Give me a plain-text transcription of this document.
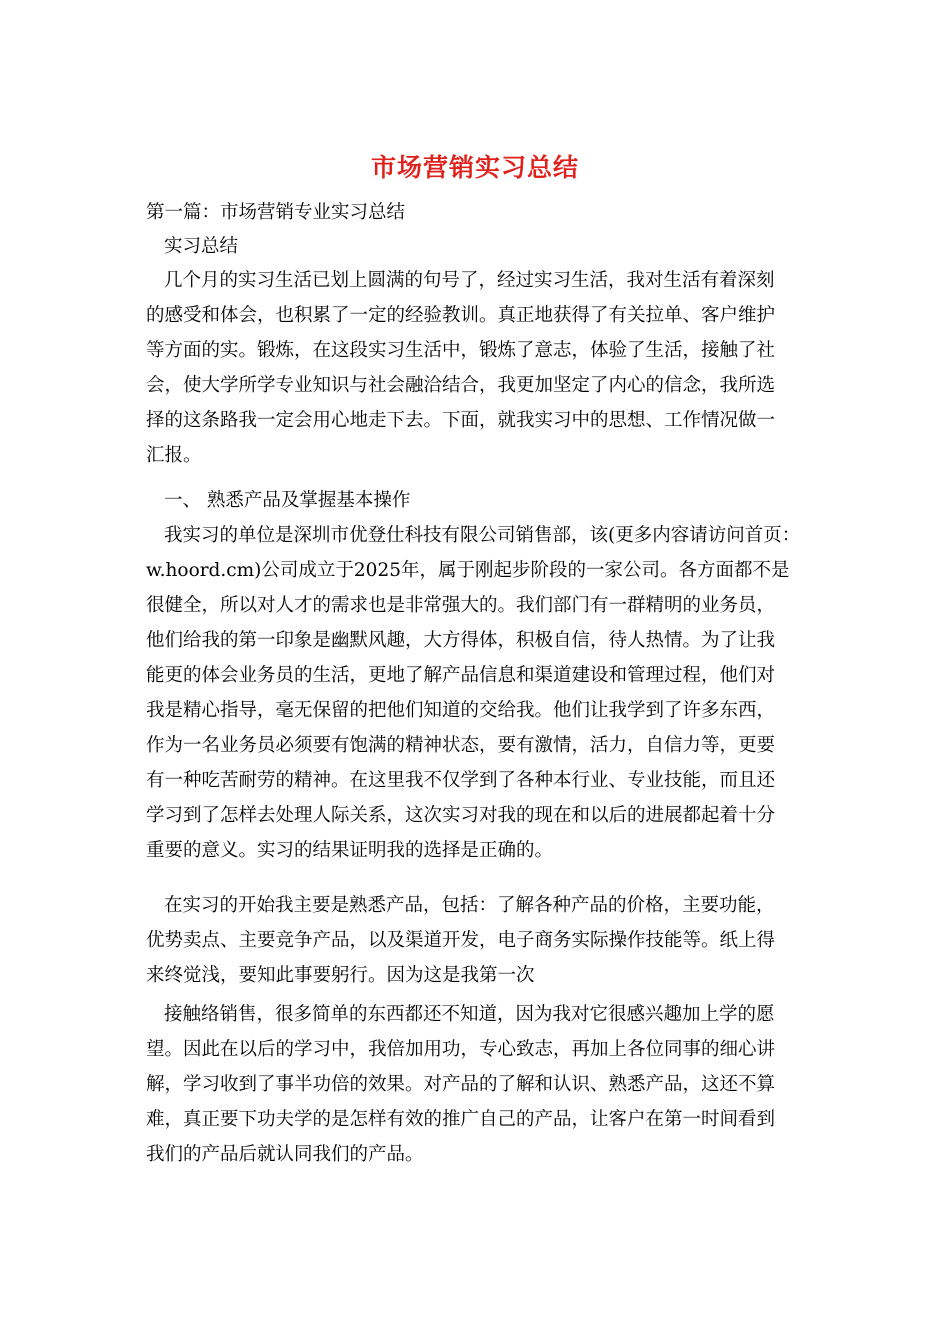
市场营销实习总结
第一篇：市场营销专业实习总结
实习总结
几个月的实习生活已划上圆满的句号了，经过实习生活，我对生活有着深刻
的感受和体会，也积累了一定的经验教训。真正地获得了有关拉单、客户维护
等方面的实。锻炼，在这段实习生活中，锻炼了意志，体验了生活，接触了社
会，使大学所学专业知识与社会融洽结合，我更加坚定了内心的信念，我所选
择的这条路我一定会用心地走下去。下面，就我实习中的思想、工作情况做一
汇报。
一、 熟悉产品及掌握基本操作
我实习的单位是深圳市优登仕科技有限公司销售部，该(更多内容请访问首页：
w.hoord.cm)公司成立于2025年，属于刚起步阶段的一家公司。各方面都不是
很健全，所以对人才的需求也是非常强大的。我们部门有一群精明的业务员，
他们给我的第一印象是幽默风趣，大方得体，积极自信，待人热情。为了让我
能更的体会业务员的生活，更地了解产品信息和渠道建设和管理过程，他们对
我是精心指导，毫无保留的把他们知道的交给我。他们让我学到了许多东西，
作为一名业务员必须要有饱满的精神状态，要有激情，活力，自信力等，更要
有一种吃苦耐劳的精神。在这里我不仅学到了各种本行业、专业技能，而且还
学习到了怎样去处理人际关系，这次实习对我的现在和以后的进展都起着十分
重要的意义。实习的结果证明我的选择是正确的。
在实习的开始我主要是熟悉产品，包括：了解各种产品的价格，主要功能，
优势卖点、主要竞争产品，以及渠道开发，电子商务实际操作技能等。纸上得
来终觉浅，要知此事要躬行。因为这是我第一次
接触络销售，很多简单的东西都还不知道，因为我对它很感兴趣加上学的愿
望。因此在以后的学习中，我倍加用功，专心致志，再加上各位同事的细心讲
解，学习收到了事半功倍的效果。对产品的了解和认识、熟悉产品，这还不算
难，真正要下功夫学的是怎样有效的推广自己的产品，让客户在第一时间看到
我们的产品后就认同我们的产品。
